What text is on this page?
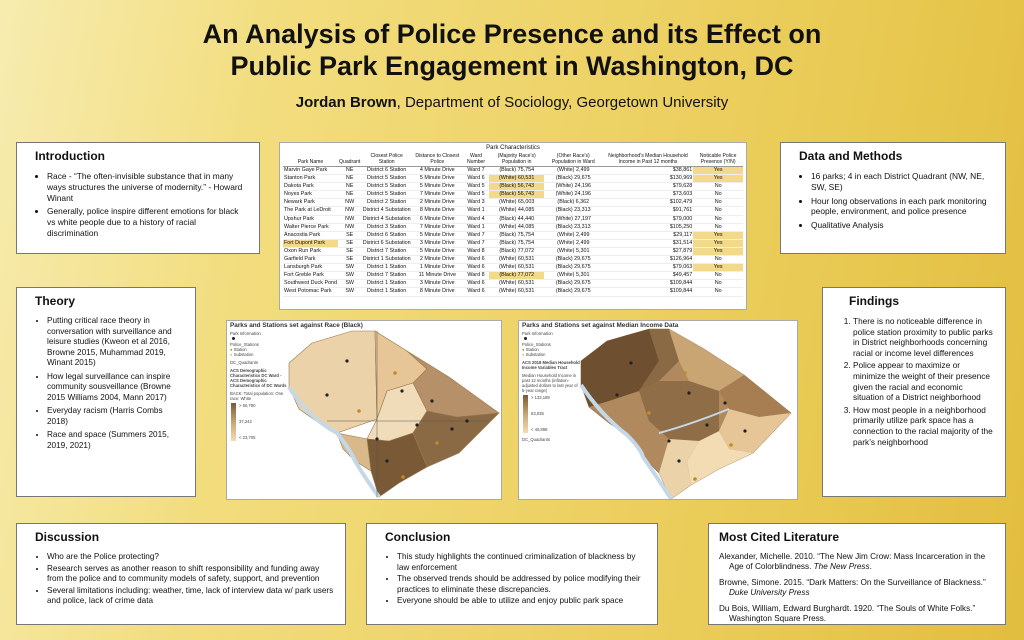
An Analysis of Police Presence and its Effect on
Public Park Engagement in Washington, DC
Jordan Brown, Department of Sociology, Georgetown University
Introduction
• Race - “The often-invisible substance that in many ways structures the universe of modernity.” - Howard Winant
• Generally, police inspire different emotions for black vs white people due to a history of racial discrimination
Theory
• Putting critical race theory in conversation with surveillance and leisure studies (Kweon et al 2016, Browne 2015, Muhammad 2019, Winant 2015)
• How legal surveillance can inspire community sousveillance (Browne 2015 Williams 2004, Mann 2017)
• Everyday racism (Harris Combs 2018)
• Race and space (Summers 2015, 2019, 2021)
Data and Methods
• 16 parks; 4 in each District Quadrant (NW, NE, SW, SE)
• Hour long observations in each park monitoring people, environment, and police presence
• Qualitative Analysis
Findings
1. There is no noticeable difference in police station proximity to public parks in District neighborhoods concerning racial or income level differences
2. Police appear to maximize or minimize the weight of their presence given the racial and economic situation of a District neighborhood
3. How most people in a neighborhood primarily utilize park space has a connection to the racial majority of the park’s neighborhood
Discussion
• Who are the Police protecting?
• Research serves as another reason to shift responsibility and funding away from the police and to community models of safety, support, and prevention
• Several limitations including: weather, time, lack of interview data w/ park users and police, lack of crime data
Conclusion
• This study highlights the continued criminalization of blackness by law enforcement
• The observed trends should be addressed by police modifying their practices to eliminate these discrepancies.
• Everyone should be able to utilize and enjoy public park space
Most Cited Literature

Alexander, Michelle. 2010. “The New Jim Crow: Mass Incarceration in the Age of Colorblindness. The New Press.

Browne, Simone. 2015. “Dark Matters: On the Surveillance of Blackness.” Duke University Press

Du Bois, William, Edward Burghardt. 1920. “The Souls of White Folks.” Washington Square Press.

Park Characteristics
Park Name	Quadrant	Closest Police Station	Distance to Closest Police	Ward Number	(Majority Race's) Population in	(Other Race's) Population in Ward	Neighborhood's Median Household Income in Past 12 months	Noticable Police Presence (Y/N)
Marvin Gaye Park	NE	District 6 Station	4 Minute Drive	Ward 7	(Black) 75,754	(White) 2,499	$38,861	Yes
Stanton Park	NE	District 5 Station	5 Minute Drive	Ward 6	(White) 60,531	(Black) 29,675	$130,969	Yes
Dakota Park	NE	District 5 Station	5 Minute Drive	Ward 5	(Black) 56,743	(White) 24,196	$79,628	No
Noyes Park	NE	District 5 Station	7 Minute Drive	Ward 5	(Black) 56,743	(White) 24,196	$73,603	No
Newark Park	NW	District 2 Station	2 Minute Drive	Ward 3	(White) 65,003	(Black) 6,362	$102,479	No
The Park at LeDroit	NW	District 4 Substation	8 Minute Drive	Ward 1	(White) 44,085	(Black) 23,313	$91,761	No
Upshur Park	NW	District 4 Substation	6 Minute Drive	Ward 4	(Black) 44,440	(White) 27,197	$79,000	No
Walter Pierce Park	NW	District 3 Station	7 Minute Drive	Ward 1	(White) 44,085	(Black) 23,313	$105,250	No
Anacostia Park	SE	District 6 Station	5 Minute Drive	Ward 7	(Black) 75,754	(White) 2,499	$29,117	Yes
Fort Dupont Park	SE	District 6 Substation	3 Minute Drive	Ward 7	(Black) 75,754	(White) 2,499	$31,514	Yes
Oxon Run Park	SE	District 7 Station	5 Minute Drive	Ward 8	(Black) 77,072	(White) 5,301	$27,879	Yes
Garfield Park	SE	District 1 Substation	2 Minute Drive	Ward 6	(White) 60,531	(Black) 29,675	$126,964	No
Lansburgh Park	SW	District 1 Station	1 Minute Drive	Ward 6	(White) 60,531	(Black) 29,675	$79,063	Yes
Fort Greble Park	SW	District 7 Station	11 Minute Drive	Ward 8	(Black) 77,072	(White) 5,301	$49,457	No
Southwest Duck Pond	SW	District 1 Station	3 Minute Drive	Ward 6	(White) 60,531	(Black) 29,675	$109,844	No
West Potomac Park	SW	District 1 Station	8 Minute Drive	Ward 6	(White) 60,531	(Black) 29,675	$109,844	No
Parks and Stations set against Race (Black)
Park Information
Police_Stations
● Station
● Substation
DC_Quadrants
ACS Demographic Characteristics DC Ward - ACS Demographic Characteristics of DC Wards
BACK: Total population: One race: White
> 50,780
37,242
< 23,705
Parks and Stations set against Median Income Data
Park Information
Police_Stations
● Station
● Substation
ACS 2018 Median Household Income Variables Tract
Median Household Income in past 12 months (inflation-adjusted dollars to last year of 5-year range)
> 133,189
63,035
< 40,898
DC_Quadrants
